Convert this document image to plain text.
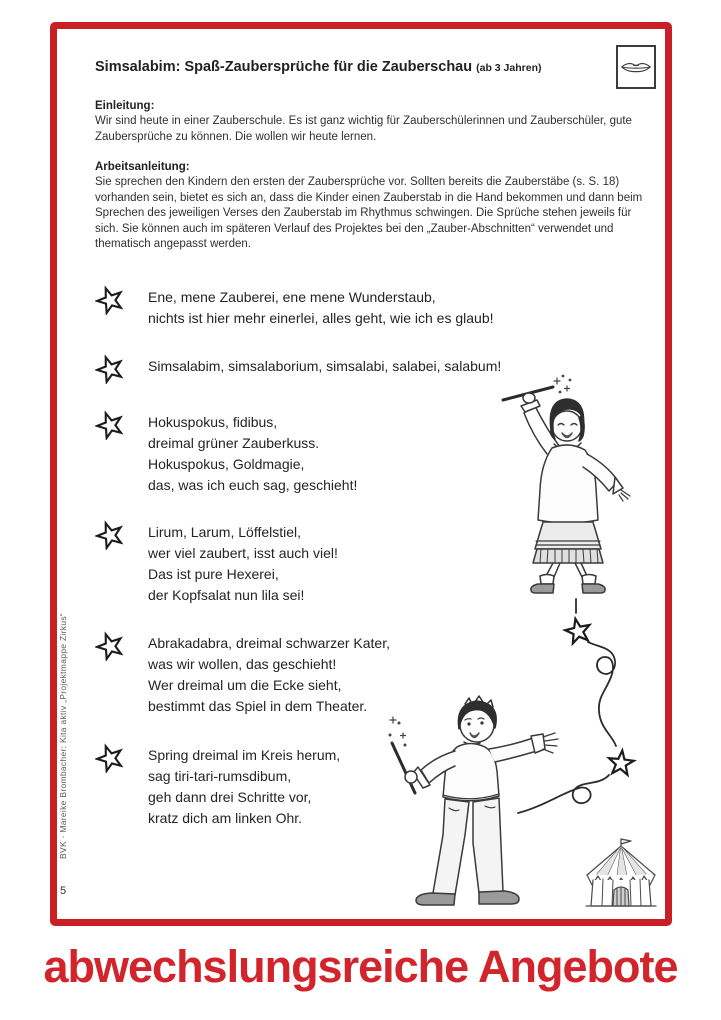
Simsalabim: Spaß-Zaubersprüche für die Zauberschau (ab 3 Jahren)
Einleitung:

Wir sind heute in einer Zauberschule. Es ist ganz wichtig für Zauberschülerinnen und Zauberschüler, gute Zaubersprüche zu können. Die wollen wir heute lernen.

Arbeitsanleitung:

Sie sprechen den Kindern den ersten der Zaubersprüche vor. Sollten bereits die Zauberstäbe (s. S. 18) vorhanden sein, bietet es sich an, dass die Kinder einen Zauberstab in die Hand bekommen und dann beim Sprechen des jeweiligen Verses den Zauberstab im Rhythmus schwingen. Die Sprüche stehen jeweils für sich. Sie können auch im späteren Verlauf des Projektes bei den „Zauber-Abschnitten“ verwendet und thematisch angepasst werden.

Ene, mene Zauberei, ene mene Wunderstaub,
nichts ist hier mehr einerlei, alles geht, wie ich es glaub!
Simsalabim, simsalaborium, simsalabi, salabei, salabum!
Hokuspokus, fidibus,
dreimal grüner Zauberkuss.
Hokuspokus, Goldmagie,
das, was ich euch sag, geschieht!
Lirum, Larum, Löffelstiel,
wer viel zaubert, isst auch viel!
Das ist pure Hexerei,
der Kopfsalat nun lila sei!
Abrakadabra, dreimal schwarzer Kater,
was wir wollen, das geschieht!
Wer dreimal um die Ecke sieht,
bestimmt das Spiel in dem Theater.
Spring dreimal im Kreis herum,
sag tiri-tari-rumsdibum,
geh dann drei Schritte vor,
kratz dich am linken Ohr.
BVK · Mareike Brombacher: Kita aktiv „Projektmappe Zirkus“
5
abwechslungsreiche Angebote
